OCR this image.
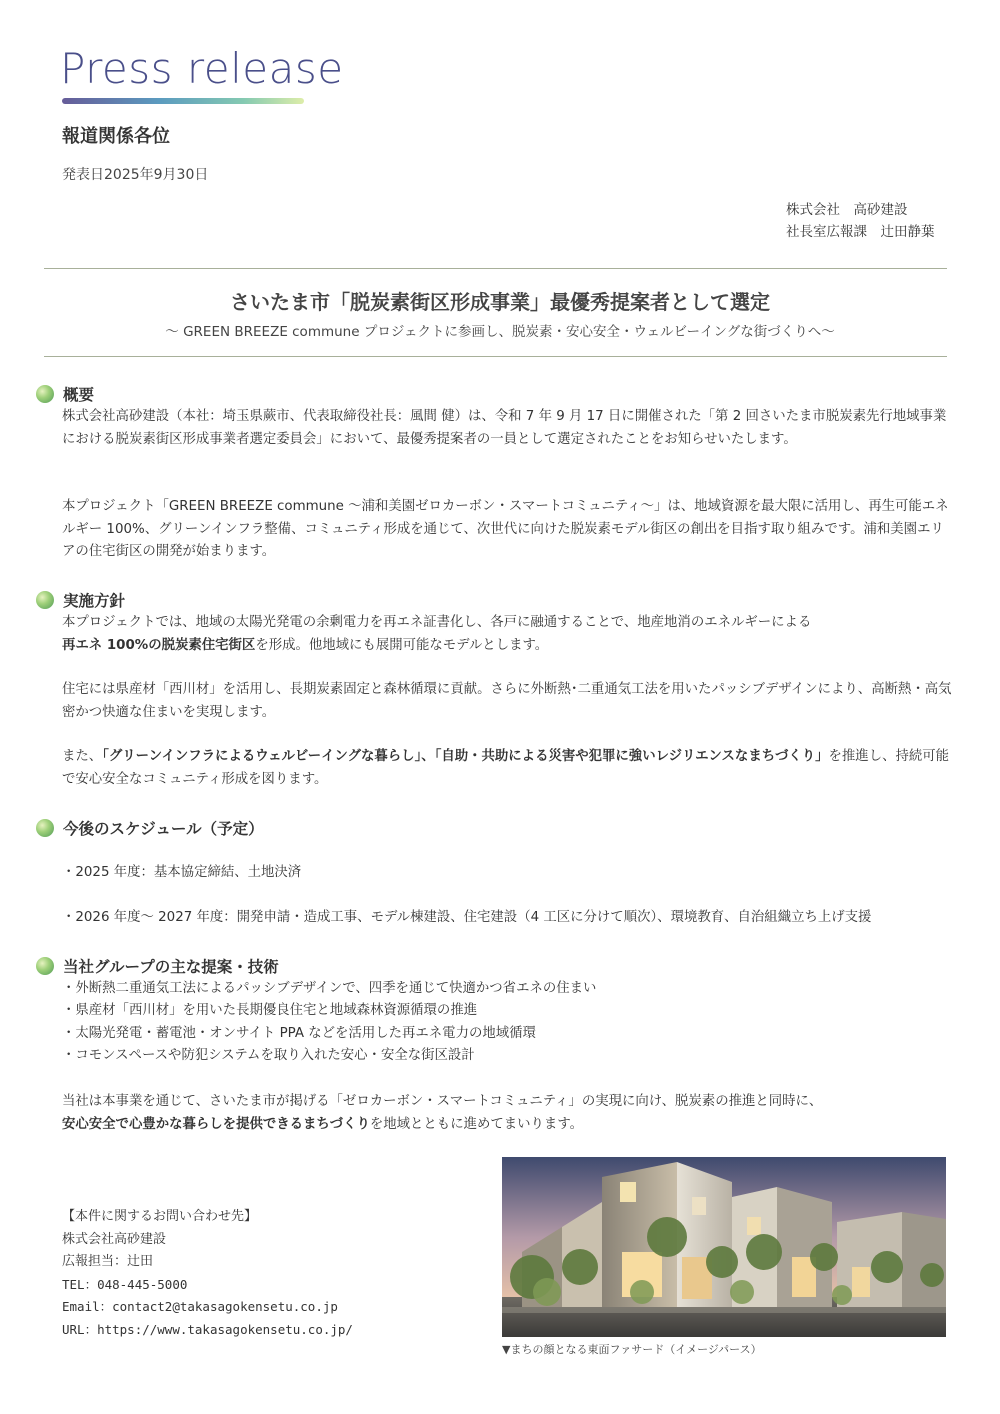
Press release
報道関係各位
発表日2025年9月30日
株式会社　高砂建設
社長室広報課　辻田静葉
さいたま市「脱炭素街区形成事業」最優秀提案者として選定
〜 GREEN BREEZE commune プロジェクトに参画し、脱炭素・安心安全・ウェルビーイングな街づくりへ〜
概要
株式会社高砂建設（本社：埼玉県蕨市、代表取締役社長：風間 健）は、令和 7 年 9 月 17 日に開催された「第 2 回さいたま市脱炭素先行地域事業における脱炭素街区形成事業者選定委員会」において、最優秀提案者の一員として選定されたことをお知らせいたします。
本プロジェクト「GREEN BREEZE commune 〜浦和美園ゼロカーボン・スマートコミュニティ〜」は、地域資源を最大限に活用し、再生可能エネルギー 100%、グリーンインフラ整備、コミュニティ形成を通じて、次世代に向けた脱炭素モデル街区の創出を目指す取り組みです。浦和美園エリアの住宅街区の開発が始まります。
実施方針
本プロジェクトでは、地域の太陽光発電の余剰電力を再エネ証書化し、各戸に融通することで、地産地消のエネルギーによる
再エネ 100%の脱炭素住宅街区を形成。他地域にも展開可能なモデルとします。
住宅には県産材「西川材」を活用し、長期炭素固定と森林循環に貢献。さらに外断熱･二重通気工法を用いたパッシブデザインにより、高断熱・高気密かつ快適な住まいを実現します。
また、「グリーンインフラによるウェルビーイングな暮らし」、「自助・共助による災害や犯罪に強いレジリエンスなまちづくり」を推進し、持続可能で安心安全なコミュニティ形成を図ります。
今後のスケジュール（予定）
・2025 年度：基本協定締結、土地決済
・2026 年度〜 2027 年度：開発申請・造成工事、モデル棟建設、住宅建設（4 工区に分けて順次）、環境教育、自治組織立ち上げ支援
当社グループの主な提案・技術
・外断熱二重通気工法によるパッシブデザインで、四季を通じて快適かつ省エネの住まい
・県産材「西川材」を用いた長期優良住宅と地域森林資源循環の推進
・太陽光発電・蓄電池・オンサイト PPA などを活用した再エネ電力の地域循環
・コモンスペースや防犯システムを取り入れた安心・安全な街区設計
当社は本事業を通じて、さいたま市が掲げる「ゼロカーボン・スマートコミュニティ」の実現に向け、脱炭素の推進と同時に、
安心安全で心豊かな暮らしを提供できるまちづくりを地域とともに進めてまいります。
【本件に関するお問い合わせ先】
株式会社高砂建設
広報担当：辻田
TEL：048-445-5000
Email：contact2@takasagokensetu.co.jp
URL：https://www.takasagokensetu.co.jp/
▼まちの顔となる東面ファサード（イメージパース）
